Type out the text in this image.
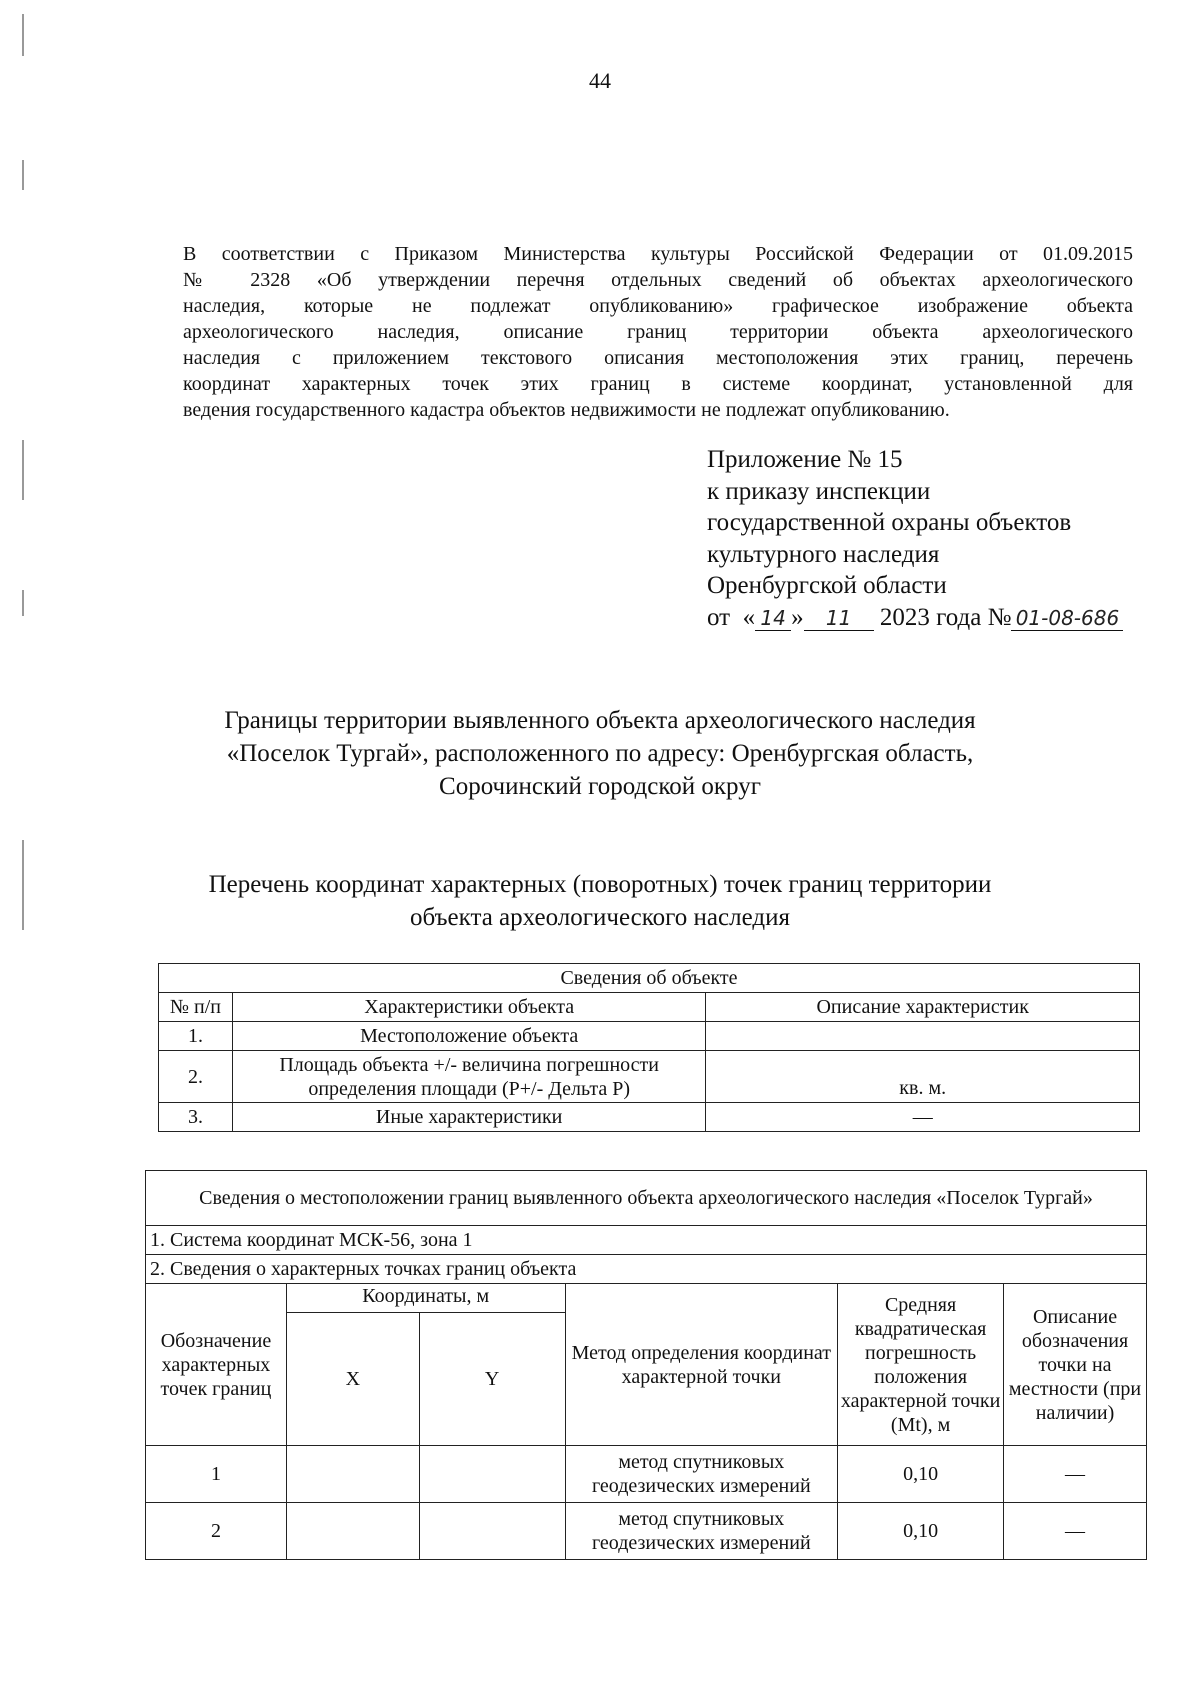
44
В соответствии с Приказом Министерства культуры Российской Федерации от 01.09.2015
№ 2328 «Об утверждении перечня отдельных сведений об объектах археологического
наследия, которые не подлежат опубликованию» графическое изображение объекта
археологического наследия, описание границ территории объекта археологического
наследия с приложением текстового описания местоположения этих границ, перечень
координат характерных точек этих границ в системе координат, установленной для
ведения государственного кадастра объектов недвижимости не подлежат опубликованию.
Приложение № 15
к приказу инспекции
государственной охраны объектов
культурного наследия
Оренбургской области
от « 14 » 11 2023 года № 01-08-686
Границы территории выявленного объекта археологического наследия
«Поселок Тургай», расположенного по адресу: Оренбургская область,
Сорочинский городской округ
Перечень координат характерных (поворотных) точек границ территории
объекта археологического наследия
Сведения об объекте		
№ п/п	Характеристики объекта	Описание характеристик
1.	Местоположение объекта	
2.	Площадь объекта +/- величина погрешности определения площади (Р+/- Дельта Р)	кв. м.
3.	Иные характеристики	—
Сведения о местоположении границ выявленного объекта археологического наследия «Поселок Тургай»					
1. Система координат МСК-56, зона 1					
2. Сведения о характерных точках границ объекта					
Обозначение характерных точек границ	Координаты, м		Метод определения координат характерной точки	Средняя квадратическая погрешность положения характерной точки (Mt), м	Описание обозначения точки на местности (при наличии)
	X	Y			
1			метод спутниковых геодезических измерений	0,10	—
2			метод спутниковых геодезических измерений	0,10	—
